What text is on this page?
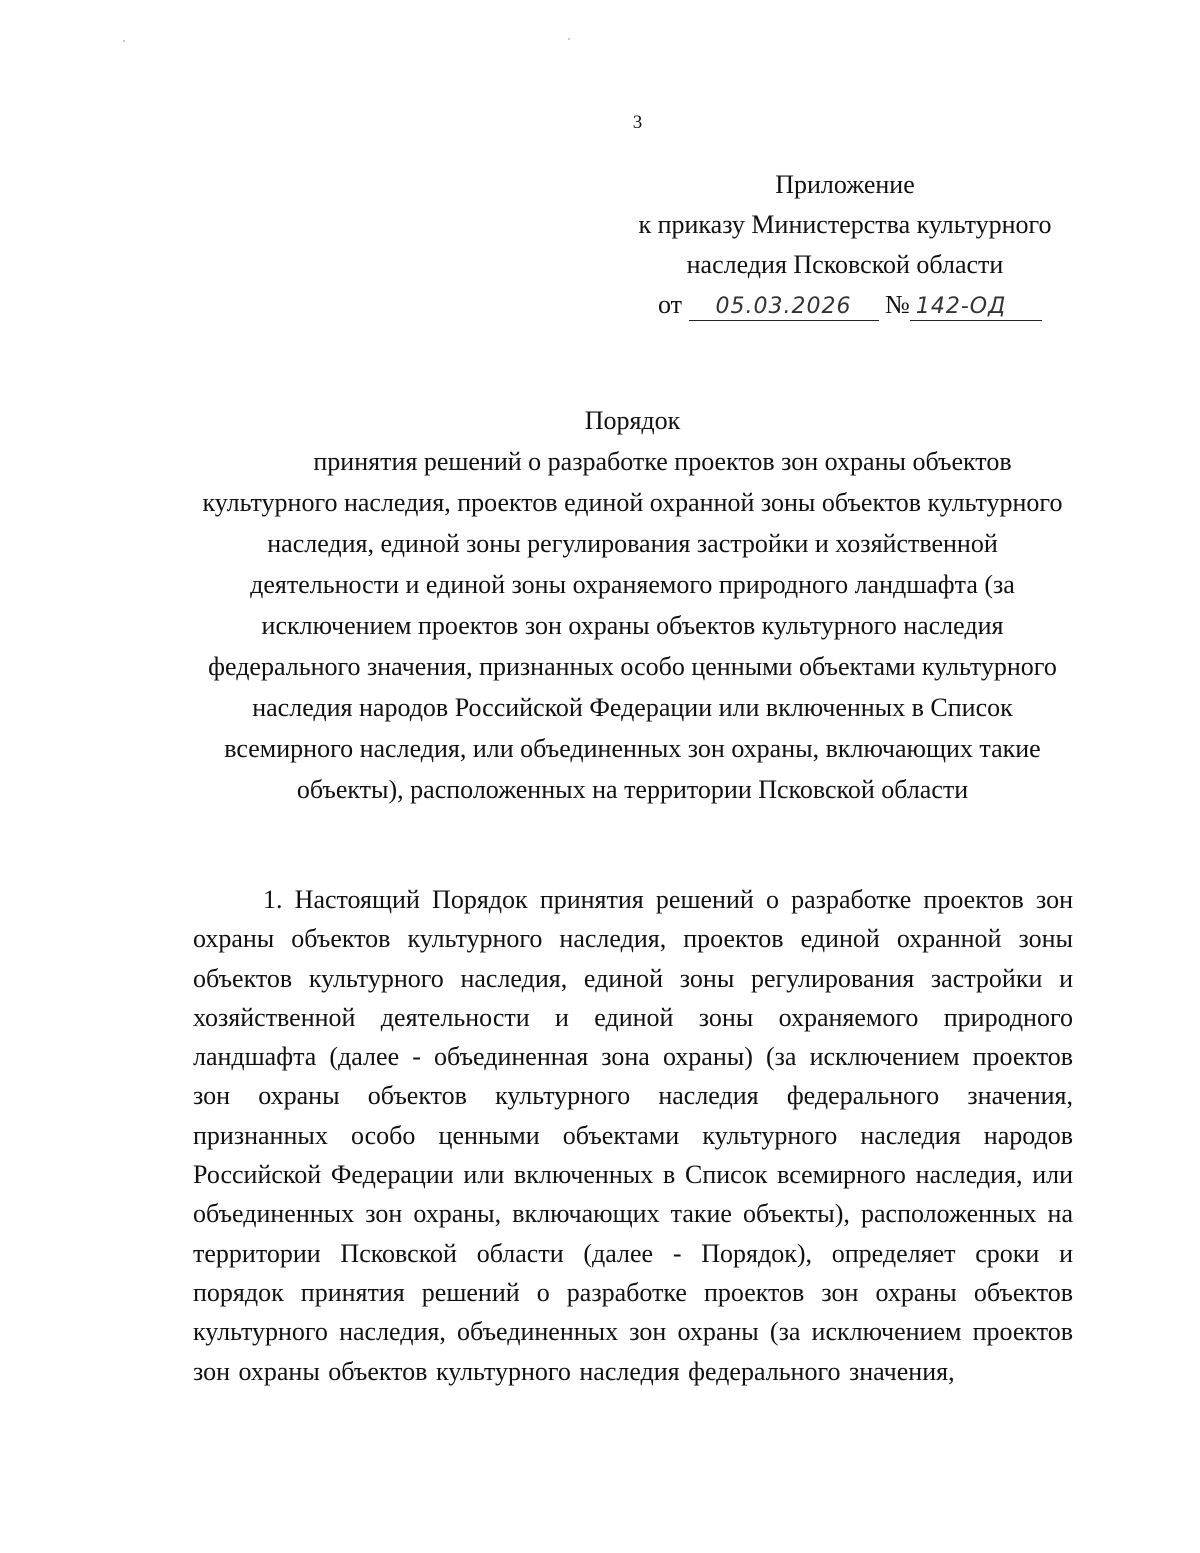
3
Приложение
к приказу Министерства культурного
наследия Псковской области
от 05.03.2026 № 142-ОД
Порядок
принятия решений о разработке проектов зон охраны объектов культурного наследия, проектов единой охранной зоны объектов культурного наследия, единой зоны регулирования застройки и хозяйственной деятельности и единой зоны охраняемого природного ландшафта (за исключением проектов зон охраны объектов культурного наследия федерального значения, признанных особо ценными объектами культурного наследия народов Российской Федерации или включенных в Список всемирного наследия, или объединенных зон охраны, включающих такие объекты), расположенных на территории Псковской области
1. Настоящий Порядок принятия решений о разработке проектов зон охраны объектов культурного наследия, проектов единой охранной зоны объектов культурного наследия, единой зоны регулирования застройки и хозяйственной деятельности и единой зоны охраняемого природного ландшафта (далее - объединенная зона охраны) (за исключением проектов зон охраны объектов культурного наследия федерального значения, признанных особо ценными объектами культурного наследия народов Российской Федерации или включенных в Список всемирного наследия, или объединенных зон охраны, включающих такие объекты), расположенных на территории Псковской области (далее - Порядок), определяет сроки и порядок принятия решений о разработке проектов зон охраны объектов культурного наследия, объединенных зон охраны (за исключением проектов зон охраны объектов культурного наследия федерального значения,
